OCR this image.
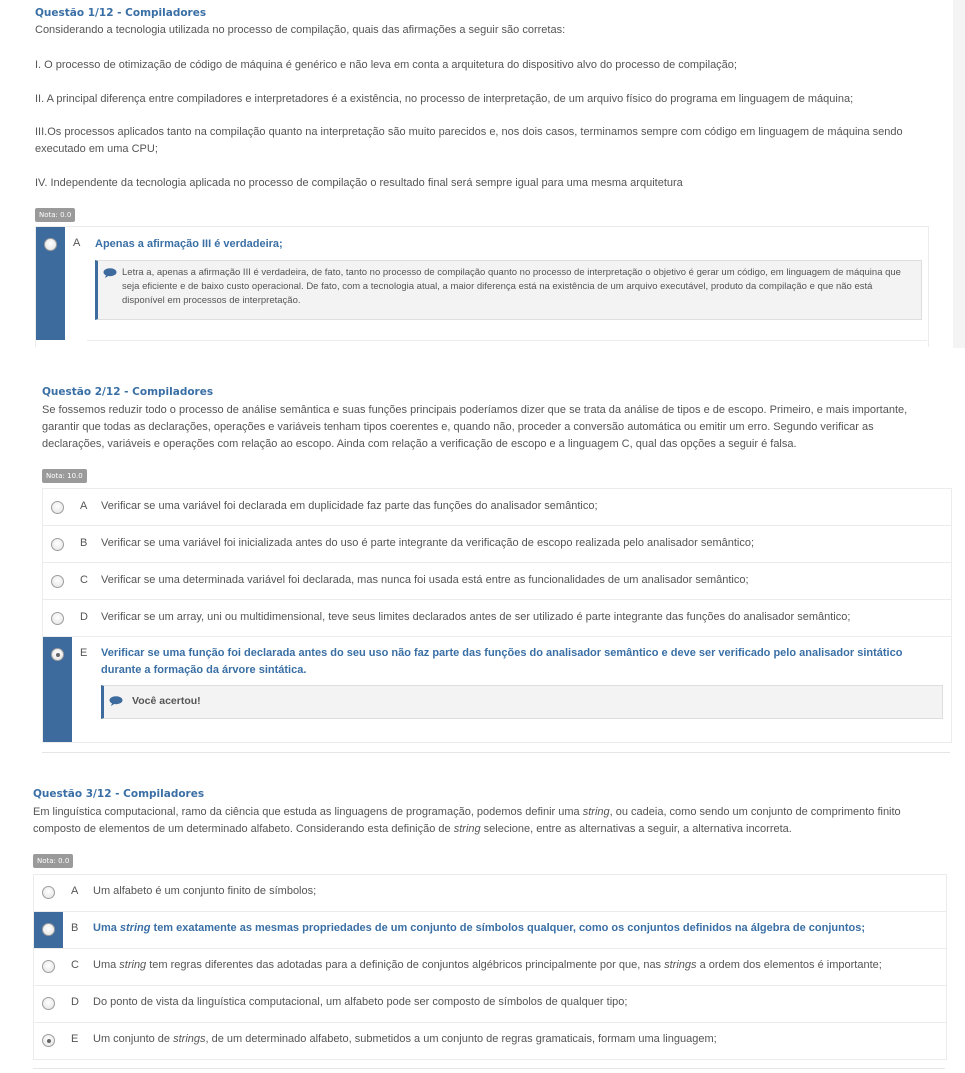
Questão 1/12 - Compiladores
Considerando a tecnologia utilizada no processo de compilação, quais das afirmações a seguir são corretas:
I. O processo de otimização de código de máquina é genérico e não leva em conta a arquitetura do dispositivo alvo do processo de compilação;
II. A principal diferença entre compiladores e interpretadores é a existência, no processo de interpretação, de um arquivo físico do programa em linguagem de máquina;
III.Os processos aplicados tanto na compilação quanto na interpretação são muito parecidos e, nos dois casos, terminamos sempre com código em linguagem de máquina sendo executado em uma CPU;
IV. Independente da tecnologia aplicada no processo de compilação o resultado final será sempre igual para uma mesma arquitetura
Nota: 0.0
A Apenas a afirmação III é verdadeira;
Letra a, apenas a afirmação III é verdadeira, de fato, tanto no processo de compilação quanto no processo de interpretação o objetivo é gerar um código, em linguagem de máquina que seja eficiente e de baixo custo operacional. De fato, com a tecnologia atual, a maior diferença está na existência de um arquivo executável, produto da compilação e que não está disponível em processos de interpretação.
Questão 2/12 - Compiladores
Se fossemos reduzir todo o processo de análise semântica e suas funções principais poderíamos dizer que se trata da análise de tipos e de escopo. Primeiro, e mais importante, garantir que todas as declarações, operações e variáveis tenham tipos coerentes e, quando não, proceder a conversão automática ou emitir um erro. Segundo verificar as declarações, variáveis e operações com relação ao escopo. Ainda com relação a verificação de escopo e a linguagem C, qual das opções a seguir é falsa.
Nota: 10.0
A Verificar se uma variável foi declarada em duplicidade faz parte das funções do analisador semântico;
B Verificar se uma variável foi inicializada antes do uso é parte integrante da verificação de escopo realizada pelo analisador semântico;
C Verificar se uma determinada variável foi declarada, mas nunca foi usada está entre as funcionalidades de um analisador semântico;
D Verificar se um array, uni ou multidimensional, teve seus limites declarados antes de ser utilizado é parte integrante das funções do analisador semântico;
E Verificar se uma função foi declarada antes do seu uso não faz parte das funções do analisador semântico e deve ser verificado pelo analisador sintático durante a formação da árvore sintática.
Você acertou!
Questão 3/12 - Compiladores
Em linguística computacional, ramo da ciência que estuda as linguagens de programação, podemos definir uma string, ou cadeia, como sendo um conjunto de comprimento finito composto de elementos de um determinado alfabeto. Considerando esta definição de string selecione, entre as alternativas a seguir, a alternativa incorreta.
Nota: 0.0
A Um alfabeto é um conjunto finito de símbolos;
B Uma string tem exatamente as mesmas propriedades de um conjunto de símbolos qualquer, como os conjuntos definidos na álgebra de conjuntos;
C Uma string tem regras diferentes das adotadas para a definição de conjuntos algébricos principalmente por que, nas strings a ordem dos elementos é importante;
D Do ponto de vista da linguística computacional, um alfabeto pode ser composto de símbolos de qualquer tipo;
E Um conjunto de strings, de um determinado alfabeto, submetidos a um conjunto de regras gramaticais, formam uma linguagem;
